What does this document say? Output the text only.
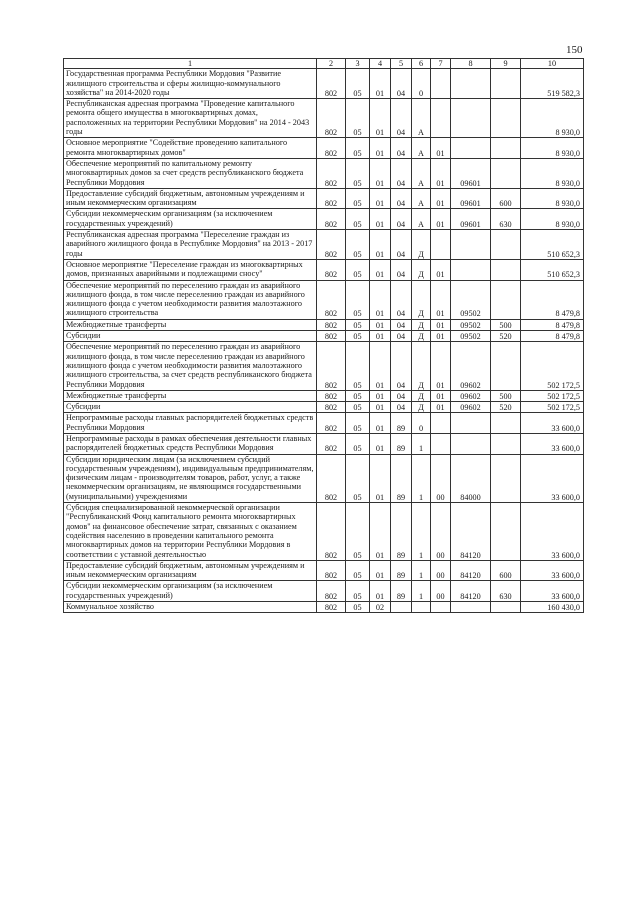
150
1	2	3	4	5	6	7	8	9	10
Государственная программа Республики Мордовия "Развитие жилищного строительства и сферы жилищно-коммунального хозяйства" на 2014-2020 годы	802	05	01	04	0				519 582,3
Республиканская адресная программа "Проведение капитального ремонта общего имущества в многоквартирных домах, расположенных на территории Республики Мордовия" на 2014 - 2043 годы	802	05	01	04	А				8 930,0
Основное мероприятие "Содействие проведению капитального ремонта многоквартирных домов"	802	05	01	04	А	01			8 930,0
Обеспечение мероприятий по капитальному ремонту многоквартирных домов за счет средств республиканского бюджета Республики Мордовия	802	05	01	04	А	01	09601		8 930,0
Предоставление субсидий бюджетным, автономным учреждениям и иным некоммерческим организациям	802	05	01	04	А	01	09601	600	8 930,0
Субсидии некоммерческим организациям (за исключением государственных учреждений)	802	05	01	04	А	01	09601	630	8 930,0
Республиканская адресная программа "Переселение граждан из аварийного жилищного фонда в Республике Мордовия" на 2013 - 2017 годы	802	05	01	04	Д				510 652,3
Основное мероприятие "Переселение граждан из многоквартирных домов, признанных аварийными и подлежащими сносу"	802	05	01	04	Д	01			510 652,3
Обеспечение мероприятий по переселению граждан из аварийного жилищного фонда, в том числе переселению граждан из аварийного жилищного фонда с учетом необходимости развития малоэтажного жилищного строительства	802	05	01	04	Д	01	09502		8 479,8
Межбюджетные трансферты	802	05	01	04	Д	01	09502	500	8 479,8
Субсидии	802	05	01	04	Д	01	09502	520	8 479,8
Обеспечение мероприятий по переселению граждан из аварийного жилищного фонда, в том числе переселению граждан из аварийного жилищного фонда с учетом необходимости развития малоэтажного жилищного строительства, за счет средств республиканского бюджета Республики Мордовия	802	05	01	04	Д	01	09602		502 172,5
Межбюджетные трансферты	802	05	01	04	Д	01	09602	500	502 172,5
Субсидии	802	05	01	04	Д	01	09602	520	502 172,5
Непрограммные расходы главных распорядителей бюджетных средств Республики Мордовия	802	05	01	89	0				33 600,0
Непрограммные расходы в рамках обеспечения деятельности главных распорядителей бюджетных средств Республики Мордовия	802	05	01	89	1				33 600,0
Субсидии юридическим лицам (за исключением субсидий государственным учреждениям), индивидуальным предпринимателям, физическим лицам - производителям товаров, работ, услуг, а также некоммерческим организациям, не являющимся государственными (муниципальными) учреждениями	802	05	01	89	1	00	84000		33 600,0
Субсидия специализированной некоммерческой организации "Республиканский Фонд капитального ремонта многоквартирных домов" на финансовое обеспечение затрат, связанных с оказанием содействия населению в проведении капитального ремонта многоквартирных домов на территории Республики Мордовия в соответствии с уставной деятельностью	802	05	01	89	1	00	84120		33 600,0
Предоставление субсидий бюджетным, автономным учреждениям и иным некоммерческим организациям	802	05	01	89	1	00	84120	600	33 600,0
Субсидии некоммерческим организациям (за исключением государственных учреждений)	802	05	01	89	1	00	84120	630	33 600,0
Коммунальное хозяйство	802	05	02						160 430,0
